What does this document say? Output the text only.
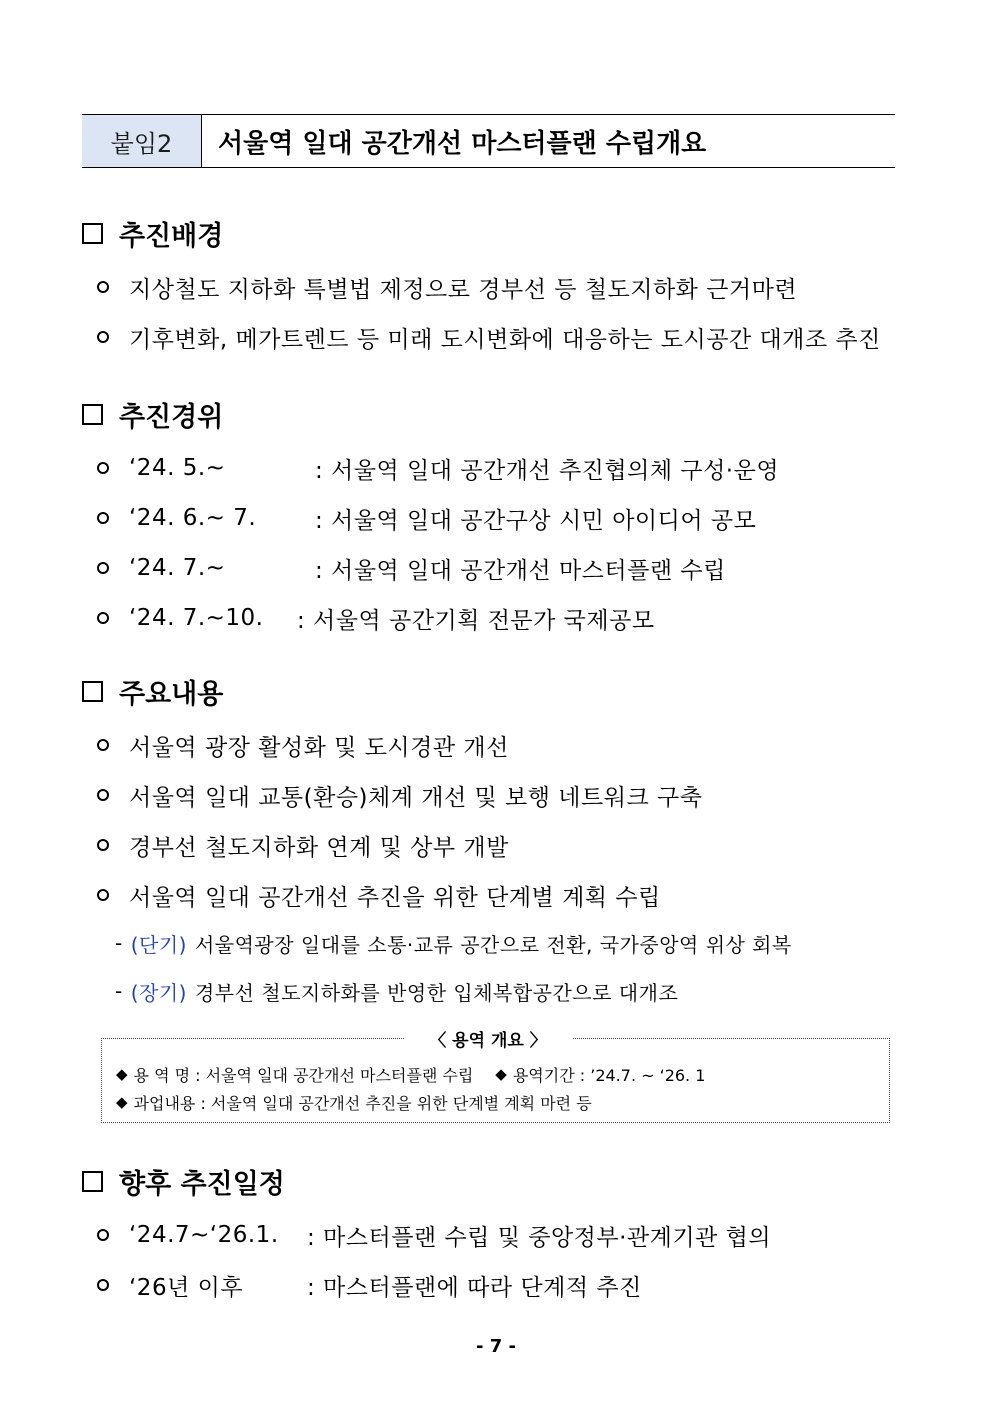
붙임2	서울역 일대 공간개선 마스터플랜 수립개요
추진배경
지상철도 지하화 특별법 제정으로 경부선 등 철도지하화 근거마련
기후변화, 메가트렌드 등 미래 도시변화에 대응하는 도시공간 대개조 추진
추진경위
‘24. 5.~	: 서울역 일대 공간개선 추진협의체 구성·운영
‘24. 6.~ 7.	: 서울역 일대 공간구상 시민 아이디어 공모
‘24. 7.~	: 서울역 일대 공간개선 마스터플랜 수립
‘24. 7.~10.	: 서울역 공간기획 전문가 국제공모
주요내용
서울역 광장 활성화 및 도시경관 개선
서울역 일대 교통(환승)체계 개선 및 보행 네트워크 구축
경부선 철도지하화 연계 및 상부 개발
서울역 일대 공간개선 추진을 위한 단계별 계획 수립
- (단기) 서울역광장 일대를 소통·교류 공간으로 전환, 국가중앙역 위상 회복
- (장기) 경부선 철도지하화를 반영한 입체복합공간으로 대개조
〈 용역 개요 〉
◆ 용 역 명 : 서울역 일대 공간개선 마스터플랜 수립 ◆ 용역기간 : ’24.7. ~ ‘26. 1
◆ 과업내용 : 서울역 일대 공간개선 추진을 위한 단계별 계획 마련 등
향후 추진일정
‘24.7~‘26.1. : 마스터플랜 수립 및 중앙정부·관계기관 협의
‘26년 이후	: 마스터플랜에 따라 단계적 추진
- 7 -
